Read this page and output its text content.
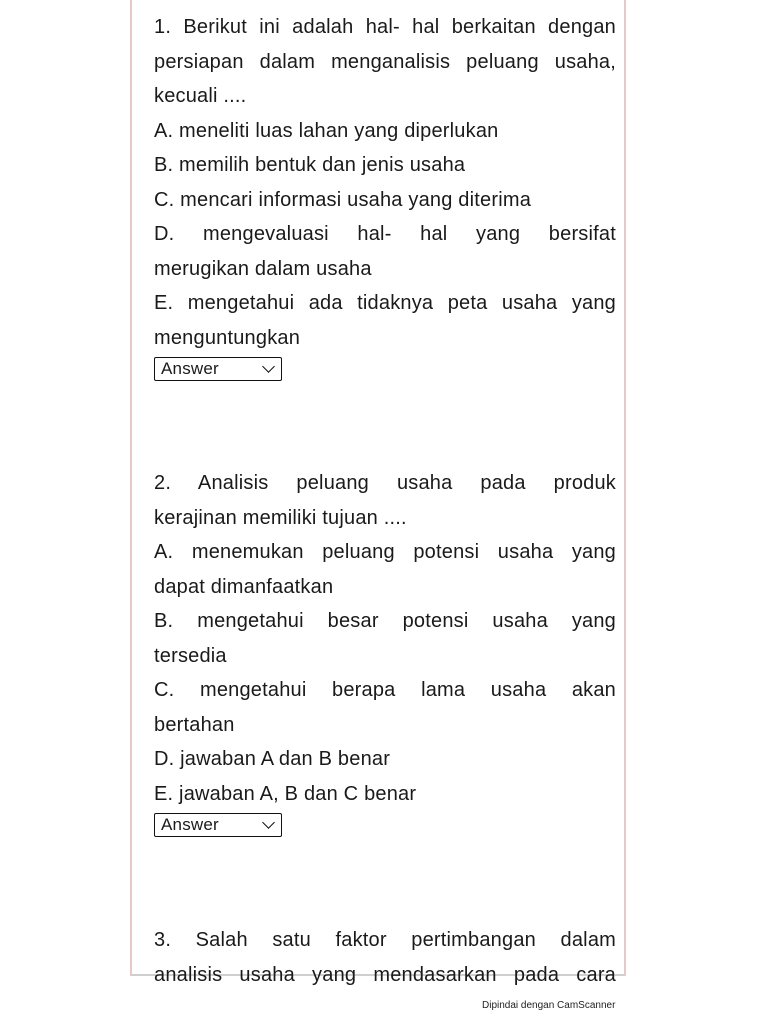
1. Berikut ini adalah hal- hal berkaitan dengan
persiapan dalam menganalisis peluang usaha,
kecuali ....
A. meneliti luas lahan yang diperlukan
B. memilih bentuk dan jenis usaha
C. mencari informasi usaha yang diterima
D. mengevaluasi hal- hal yang bersifat
merugikan dalam usaha
E. mengetahui ada tidaknya peta usaha yang
menguntungkan
Answer
2. Analisis peluang usaha pada produk
kerajinan memiliki tujuan ....
A. menemukan peluang potensi usaha yang
dapat dimanfaatkan
B. mengetahui besar potensi usaha yang
tersedia
C. mengetahui berapa lama usaha akan
bertahan
D. jawaban A dan B benar
E. jawaban A, B dan C benar
Answer
3. Salah satu faktor pertimbangan dalam
analisis usaha yang mendasarkan pada cara
Dipindai dengan CamScanner
